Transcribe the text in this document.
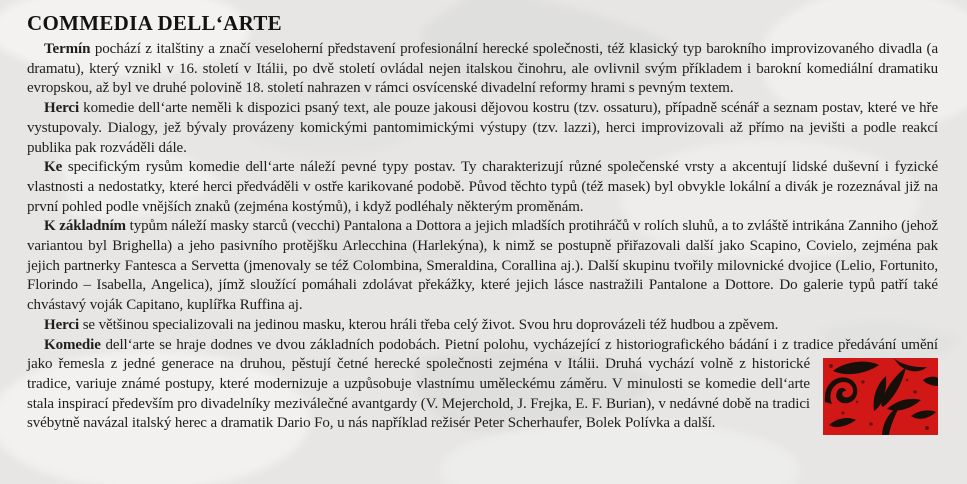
COMMEDIA DELL‘ARTE

Termín pochází z italštiny a značí veseloherní představení profesionální herecké společnosti, též klasický typ barokního improvizovaného divadla (a dramatu), který vznikl v 16. století v Itálii, po dvě století ovládal nejen italskou činohru, ale ovlivnil svým příkladem i barokní komediální dramatiku evropskou, až byl ve druhé polovině 18. století nahrazen v rámci osvícenské divadelní reformy hrami s pevným textem.

Herci komedie dell‘arte neměli k dispozici psaný text, ale pouze jakousi dějovou kostru (tzv. ossaturu), případně scénář a seznam postav, které ve hře vystupovaly. Dialogy, jež bývaly provázeny komickými pantomimickými výstupy (tzv. lazzi), herci improvizovali až přímo na jevišti a podle reakcí publika pak rozváděli dále.

Ke specifickým rysům komedie dell‘arte náleží pevné typy postav. Ty charakterizují různé společenské vrsty a akcentují lidské duševní i fyzické vlastnosti a nedostatky, které herci předváděli v ostře karikované podobě. Původ těchto typů (též masek) byl obvykle lokální a divák je rozeznával již na první pohled podle vnějších znaků (zejména kostýmů), i když podléhaly některým proměnám.

K základním typům náleží masky starců (vecchi) Pantalona a Dottora a jejich mladších protihráčů v rolích sluhů, a to zvláště intrikána Zanniho (jehož variantou byl Brighella) a jeho pasivního protějšku Arlecchina (Harlekýna), k nimž se postupně přiřazovali další jako Scapino, Covielo, zejména pak jejich partnerky Fantesca a Servetta (jmenovaly se též Colombina, Smeraldina, Corallina aj.). Další skupinu tvořily milovnické dvojice (Lelio, Fortunito, Florindo – Isabella, Angelica), jímž sloužící pomáhali zdolávat překážky, které jejich lásce nastražili Pantalone a Dottore. Do galerie typů patří také chvástavý voják Capitano, kuplířka Ruffina aj.

Herci se většinou specializovali na jedinou masku, kterou hráli třeba celý život. Svou hru doprovázeli též hudbou a zpěvem.

Komedie dell‘arte se hraje dodnes ve dvou základních podobách. Pietní polohu, vycházející z historiografického bádání i z tradice předávání umění jako řemesla z jedné generace na druhou, pěstují četné herecké společnosti zejména v Itálii.
Druhá vychází volně z historické tradice, variuje známé postupy, které modernizuje a uzpůsobuje vlastnímu uměleckému záměru. V minulosti se komedie dell‘arte stala inspirací především pro divadelníky meziválečné avantgardy (V. Mejerchold, J. Frejka, E. F. Burian), v nedávné době na tradici svébytně navázal italský herec a dramatik Dario Fo, u nás například režisér Peter Scherhaufer, Bolek Polívka a další.
